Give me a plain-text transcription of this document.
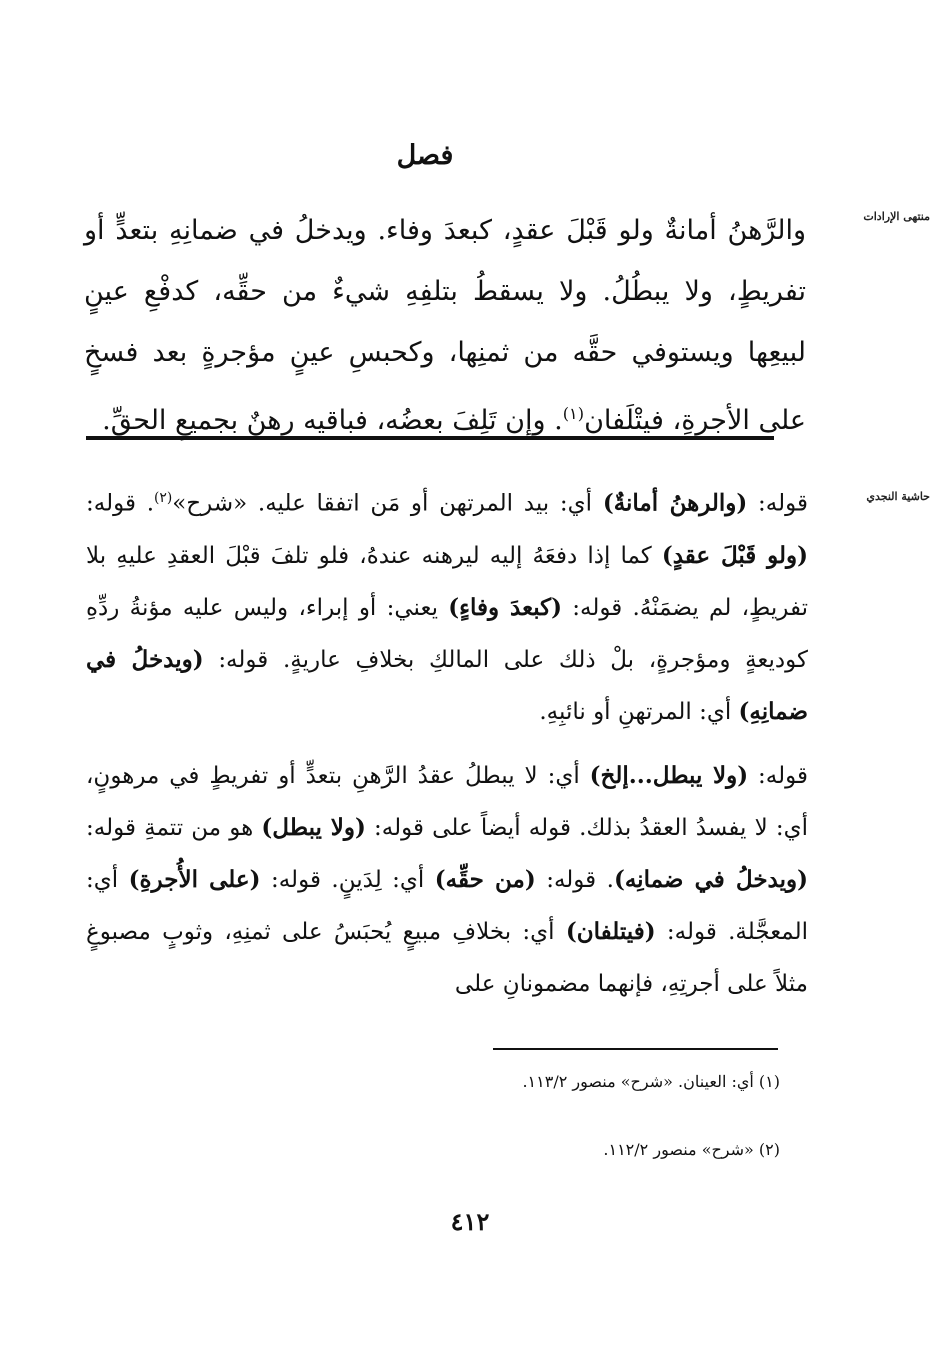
فصل
منتهى الإرادات

والرَّهنُ أمانةٌ ولو قَبْلَ عقدٍ، كبعدَ وفاء. ويدخلُ في ضمانِهِ بتعدٍّ أو تفريطٍ، ولا يبطُلُ. ولا يسقطُ بتلفِهِ شيءٌ من حقِّه، كدفْعِ عينٍ لبيعِها ويستوفي حقَّه من ثمنِها، وكحبسِ عينٍ مؤجرةٍ بعد فسخٍ على الأجرةِ، فيتْلَفان$^{(١)}$. وإن تَلِفَ بعضُه، فباقيه رهنٌ بجميعِ الحقِّ.

حاشية النجدي

قوله: (والرهنُ أمانةٌ) أي: بيد المرتهن أو مَن اتفقا عليه. «شرح»$^{(٢)}$. قوله: (ولو قَبْلَ عقدٍ) كما إذا دفعَهُ إليه ليرهنه عندهُ، فلو تلفَ قبْلَ العقدِ عليهِ بلا تفريطٍ، لم يضمَنْهُ. قوله: (كبعدَ وفاءٍ) يعني: أو إبراء، وليس عليه مؤنةُ ردِّهِ كوديعةٍ ومؤجرةٍ، بلْ ذلك على المالكِ بخلافِ عاريةٍ. قوله: (ويدخلُ في ضمانِهِ) أي: المرتهنِ أو نائبِهِ.

قوله: (ولا يبطل...إلخ) أي: لا يبطلُ عقدُ الرَّهنِ بتعدٍّ أو تفريطٍ في مرهونٍ، أي: لا يفسدُ العقدُ بذلك. قوله أيضاً على قوله: (ولا يبطل) هو من تتمةِ قوله: (ويدخلُ في ضمانِه). قوله: (من حقِّه) أي: لِدَينٍ. قوله: (على الأُجرةِ) أي: المعجَّلة. قوله: (فيتلفان) أي: بخلافِ مبيعٍ يُحبَسُ على ثمنِهِ، وثوبٍ مصبوغٍ مثلاً على أجرتِهِ، فإنهما مضمونانِ على

(١) أي: العينان. «شرح» منصور ١١٣/٢.

(٢) «شرح» منصور ١١٢/٢.

٤١٢
